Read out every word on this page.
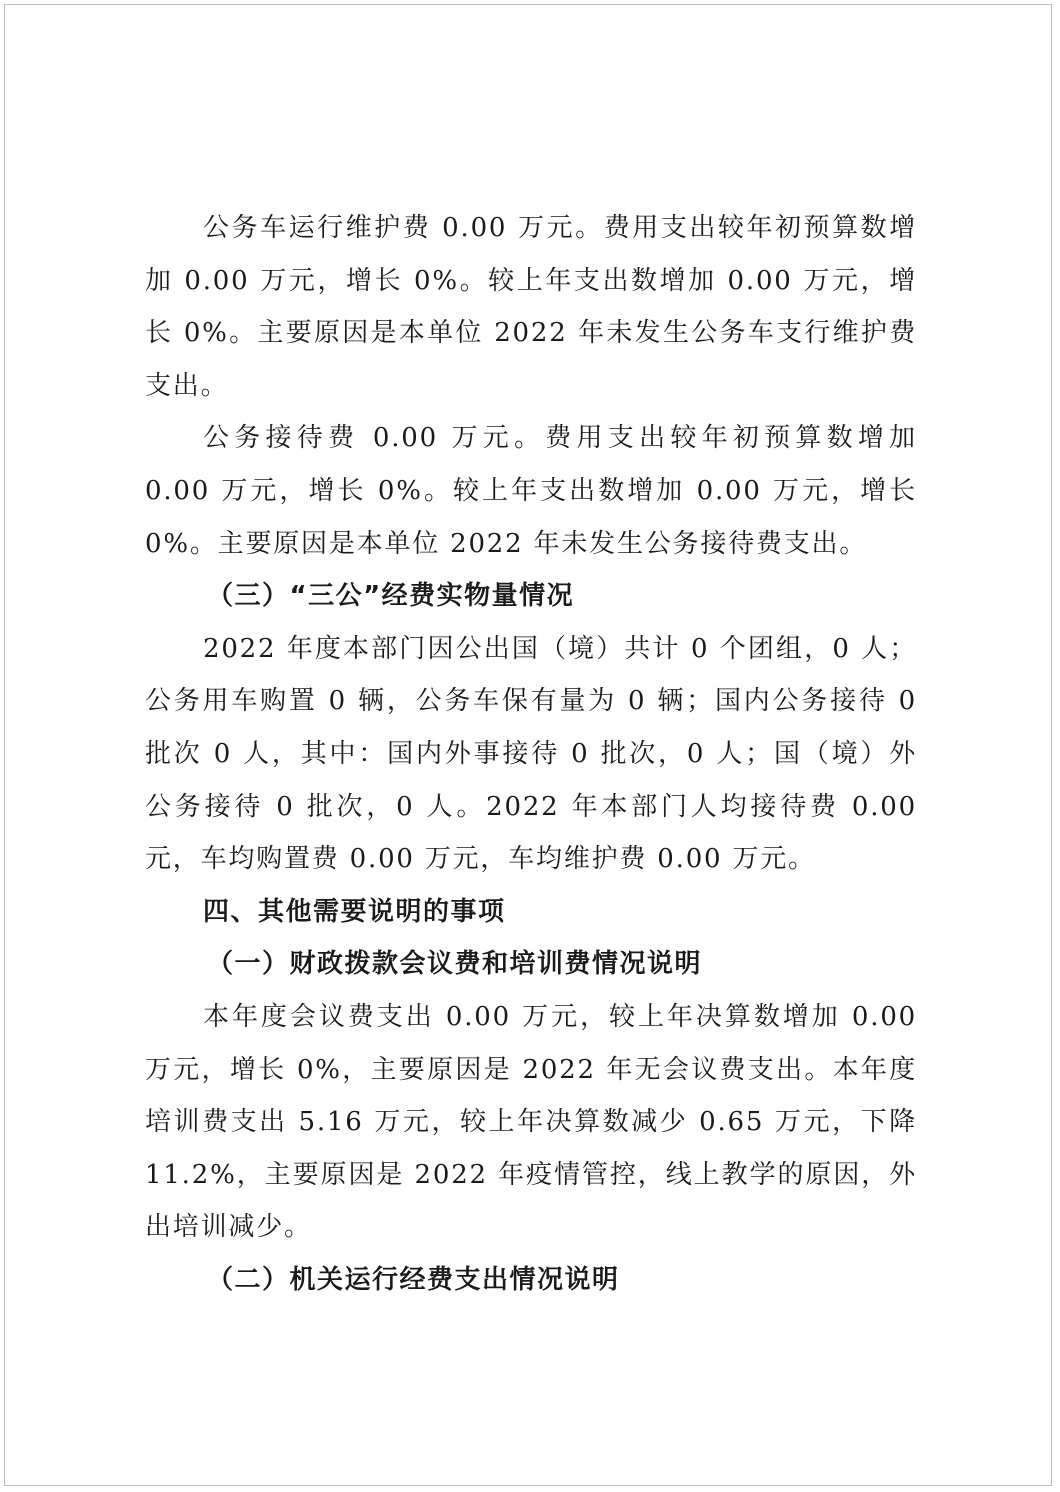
公务车运行维护费 0.00 万元。费用支出较年初预算数增加 0.00 万元，增长 0%。较上年支出数增加 0.00 万元，增长 0%。主要原因是本单位 2022 年未发生公务车支行维护费支出。

公务接待费 0.00 万元。费用支出较年初预算数增加 0.00 万元，增长 0%。较上年支出数增加 0.00 万元，增长 0%。主要原因是本单位 2022 年未发生公务接待费支出。

（三）“三公”经费实物量情况

2022 年度本部门因公出国（境）共计 0 个团组，0 人；公务用车购置 0 辆，公务车保有量为 0 辆；国内公务接待 0 批次 0 人，其中：国内外事接待 0 批次，0 人；国（境）外公务接待 0 批次，0 人。2022 年本部门人均接待费 0.00 元，车均购置费 0.00 万元，车均维护费 0.00 万元。

四、其他需要说明的事项

（一）财政拨款会议费和培训费情况说明

本年度会议费支出 0.00 万元，较上年决算数增加 0.00 万元，增长 0%，主要原因是 2022 年无会议费支出。本年度培训费支出 5.16 万元，较上年决算数减少 0.65 万元，下降 11.2%，主要原因是 2022 年疫情管控，线上教学的原因，外出培训减少。

（二）机关运行经费支出情况说明
